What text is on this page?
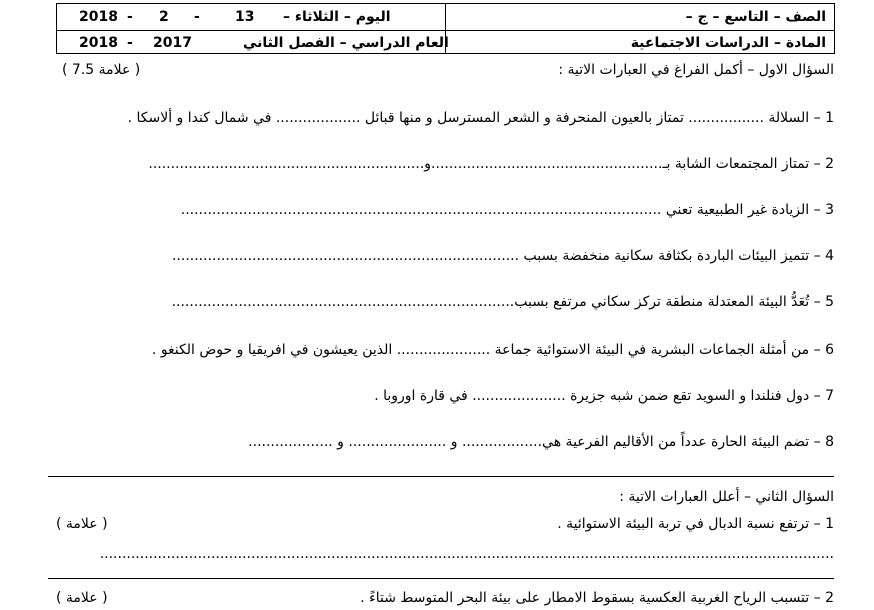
الصف – التاسع – ج –
المادة – الدراسات الاجتماعية
اليوم – الثلاثاء –
13
-
2
-
2018
العام الدراسي – الفصل الثاني
2017
-
2018
السؤال الاول – أكمل الفراغ في العبارات الاتية :
( 7.5 علامة )
1 – السلالة ................. تمتاز بالعيون المنحرفة و الشعر المسترسل و منها قبائل ................... في شمال كندا و ألاسكا .
2 – تمتاز المجتمعات الشابة بـ....................................................و..............................................................
3 – الزيادة غير الطبيعية تعني ............................................................................................................
4 – تتميز البيئات الباردة بكثافة سكانية منخفضة بسبب ..............................................................................
5 – تُعَدُّ البيئة المعتدلة منطقة تركز سكاني مرتفع بسبب.............................................................................
6 – من أمثلة الجماعات البشرية في البيئة الاستوائية جماعة ..................... الذين يعيشون في افريقيا و حوض الكنغو .
7 – دول فنلندا و السويد تقع ضمن شبه جزيرة ..................... في قارة اوروبا .
8 – تضم البيئة الحارة عدداً من الأقاليم الفرعية هي.................. و ...................... و ...................
السؤال الثاني – أعلل العبارات الاتية :
1 – ترتفع نسبة الدبال في تربة البيئة الاستوائية .
( علامة )
.....................................................................................................................................................................
2 – تتسبب الرياح الغربية العكسية بسقوط الامطار على بيئة البحر المتوسط شتاءً .
( علامة )
